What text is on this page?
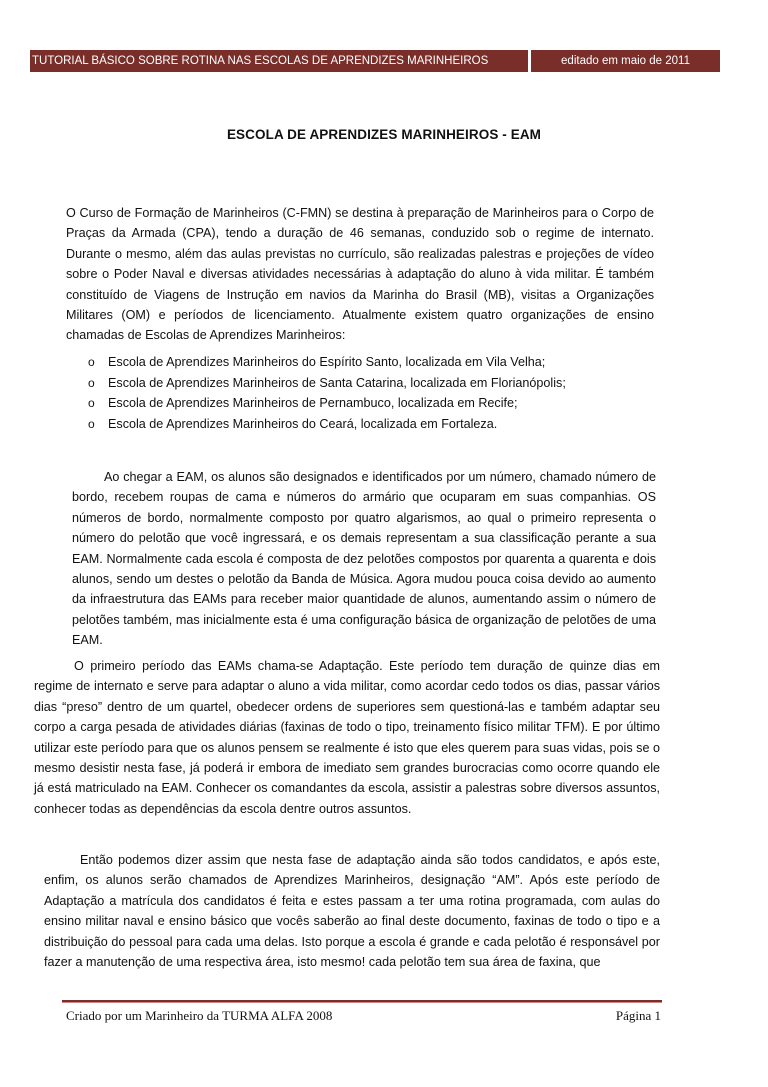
TUTORIAL BÁSICO SOBRE ROTINA NAS ESCOLAS DE APRENDIZES MARINHEIROS	editado em maio de 2011
ESCOLA DE APRENDIZES MARINHEIROS - EAM

O Curso de Formação de Marinheiros (C-FMN) se destina à preparação de Marinheiros para o Corpo de Praças da Armada (CPA), tendo a duração de 46 semanas, conduzido sob o regime de internato. Durante o mesmo, além das aulas previstas no currículo, são realizadas palestras e projeções de vídeo sobre o Poder Naval e diversas atividades necessárias à adaptação do aluno à vida militar. É também constituído de Viagens de Instrução em navios da Marinha do Brasil (MB), visitas a Organizações Militares (OM) e períodos de licenciamento. Atualmente existem quatro organizações de ensino chamadas de Escolas de Aprendizes Marinheiros:

o	Escola de Aprendizes Marinheiros do Espírito Santo, localizada em Vila Velha;
o	Escola de Aprendizes Marinheiros de Santa Catarina, localizada em Florianópolis;
o	Escola de Aprendizes Marinheiros de Pernambuco, localizada em Recife;
o	Escola de Aprendizes Marinheiros do Ceará, localizada em Fortaleza.

Ao chegar a EAM, os alunos são designados e identificados por um número, chamado número de bordo, recebem roupas de cama e números do armário que ocuparam em suas companhias. OS números de bordo, normalmente composto por quatro algarismos, ao qual o primeiro representa o número do pelotão que você ingressará, e os demais representam a sua classificação perante a sua EAM. Normalmente cada escola é composta de dez pelotões compostos por quarenta a quarenta e dois alunos, sendo um destes o pelotão da Banda de Música. Agora mudou pouca coisa devido ao aumento da infraestrutura das EAMs para receber maior quantidade de alunos, aumentando assim o número de pelotões também, mas inicialmente esta é uma configuração básica de organização de pelotões de uma EAM.

O primeiro período das EAMs chama-se Adaptação. Este período tem duração de quinze dias em regime de internato e serve para adaptar o aluno a vida militar, como acordar cedo todos os dias, passar vários dias “preso” dentro de um quartel, obedecer ordens de superiores sem questioná-las e também adaptar seu corpo a carga pesada de atividades diárias (faxinas de todo o tipo, treinamento físico militar TFM). E por último utilizar este período para que os alunos pensem se realmente é isto que eles querem para suas vidas, pois se o mesmo desistir nesta fase, já poderá ir embora de imediato sem grandes burocracias como ocorre quando ele já está matriculado na EAM. Conhecer os comandantes da escola, assistir a palestras sobre diversos assuntos, conhecer todas as dependências da escola dentre outros assuntos.

Então podemos dizer assim que nesta fase de adaptação ainda são todos candidatos, e após este, enfim, os alunos serão chamados de Aprendizes Marinheiros, designação “AM”. Após este período de Adaptação a matrícula dos candidatos é feita e estes passam a ter uma rotina programada, com aulas do ensino militar naval e ensino básico que vocês saberão ao final deste documento, faxinas de todo o tipo e a distribuição do pessoal para cada uma delas. Isto porque a escola é grande e cada pelotão é responsável por fazer a manutenção de uma respectiva área, isto mesmo! cada pelotão tem sua área de faxina, que

Criado por um Marinheiro da TURMA ALFA 2008	Página 1
